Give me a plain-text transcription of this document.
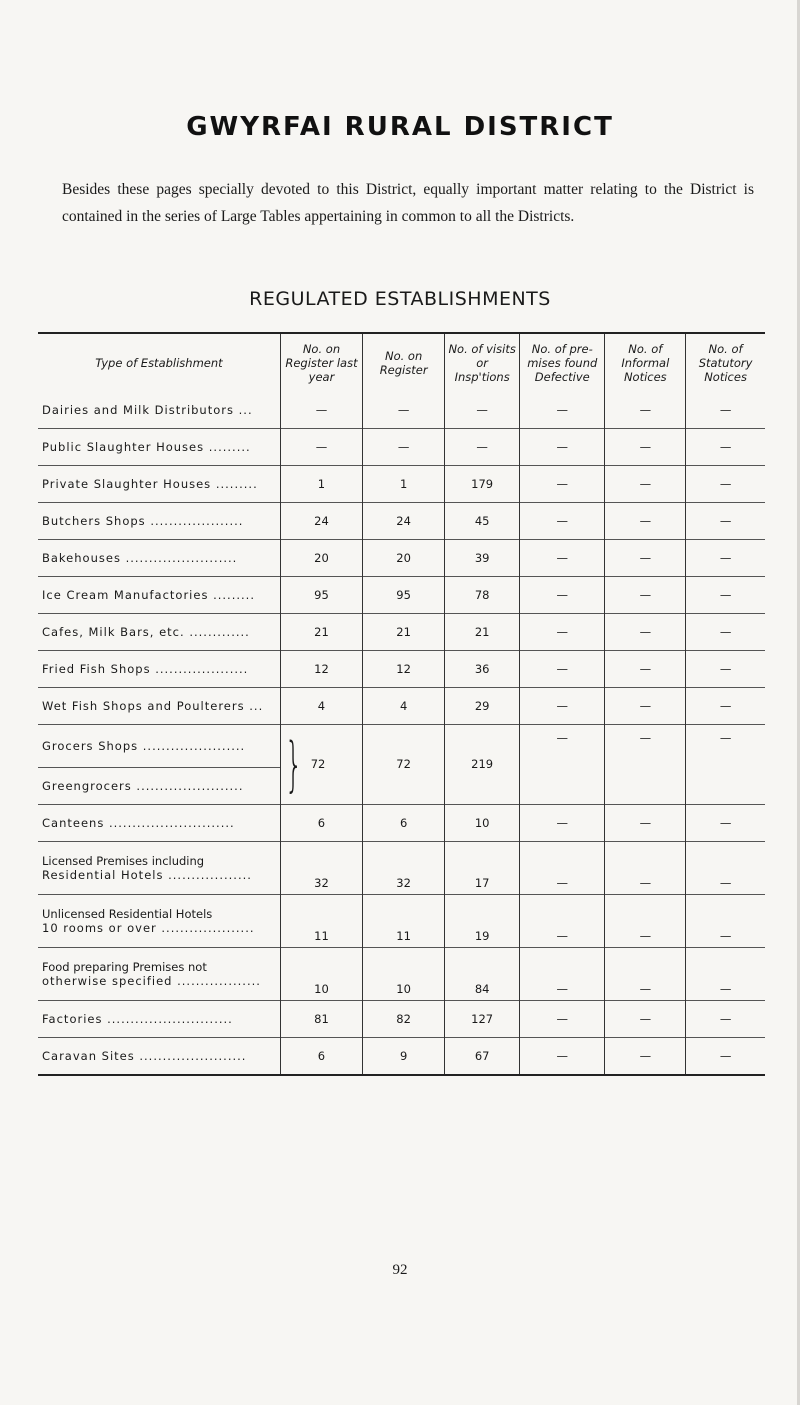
GWYRFAI RURAL DISTRICT

Besides these pages specially devoted to this District, equally important matter relating to the District is contained in the series of Large Tables appertaining in common to all the Districts.

REGULATED ESTABLISHMENTS
Type of Establishment	No. on Register last year	No. on Register	No. of visits or Insp'tions	No. of pre-mises found Defective	No. of Informal Notices	No. of Statutory Notices
Dairies and Milk Distributors ...	—	—	—	—	—	—
Public Slaughter Houses .........	—	—	—	—	—	—
Private Slaughter Houses .........	1	1	179	—	—	—
Butchers Shops ....................	24	24	45	—	—	—
Bakehouses ........................	20	20	39	—	—	—
Ice Cream Manufactories .........	95	95	78	—	—	—
Cafes, Milk Bars, etc. .............	21	21	21	—	—	—
Fried Fish Shops ....................	12	12	36	—	—	—
Wet Fish Shops and Poulterers ...	4	4	29	—	—	—
Grocers Shops ......................	} 72	72	219	—	—	—
Greengrocers .......................						
Canteens ...........................	6	6	10	—	—	—
Licensed Premises including
Residential Hotels ..................	32	32	17	—	—	—
Unlicensed Residential Hotels
10 rooms or over ....................	11	11	19	—	—	—
Food preparing Premises not
otherwise specified ..................	10	10	84	—	—	—
Factories ...........................	81	82	127	—	—	—
Caravan Sites .......................	6	9	67	—	—	—
92
